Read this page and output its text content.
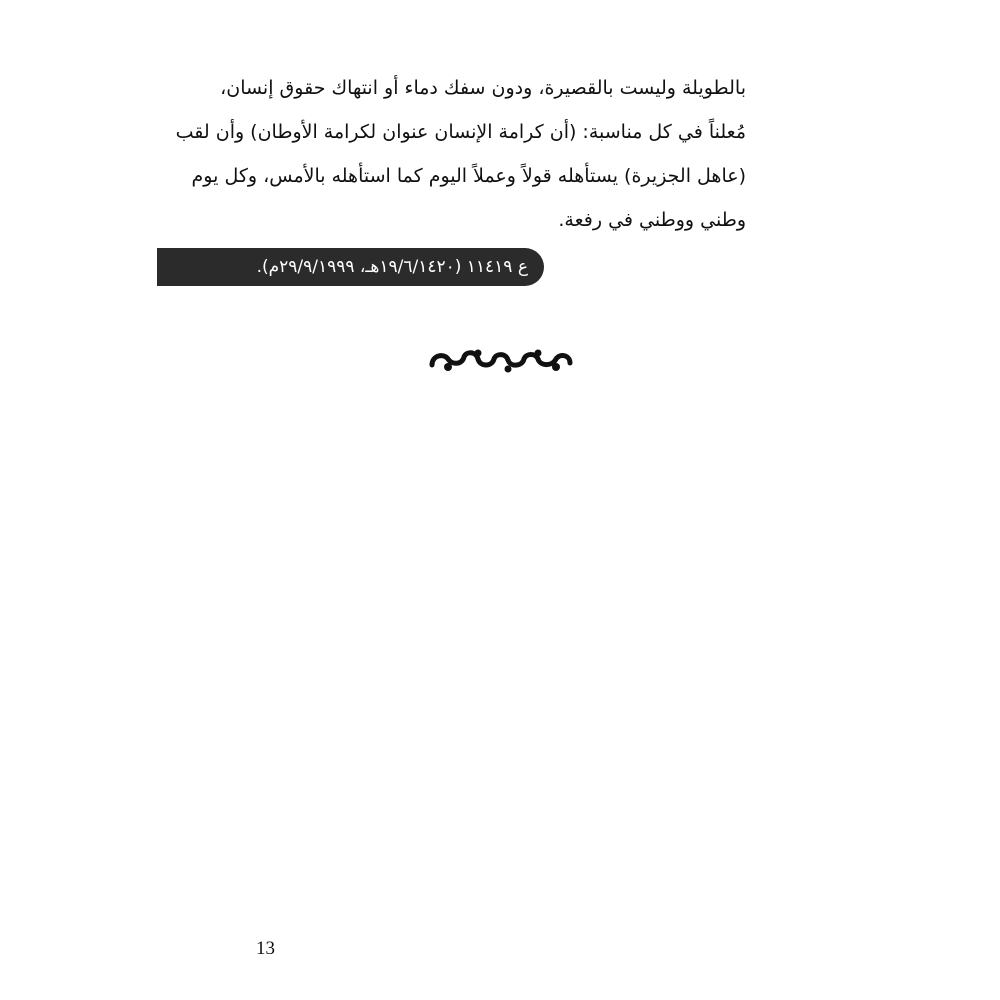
بالطويلة وليست بالقصيرة، ودون سفك دماء أو انتهاك حقوق إنسان،
مُعلناً في كل مناسبة: (أن كرامة الإنسان عنوان لكرامة الأوطان) وأن لقب
(عاهل الجزيرة) يستأهله قولاً وعملاً اليوم كما استأهله بالأمس، وكل يوم
وطني ووطني في رفعة.
ع ١١٤١٩ (١٩/٦/١٤٢٠هـ، ٢٩/٩/١٩٩٩م).
13
